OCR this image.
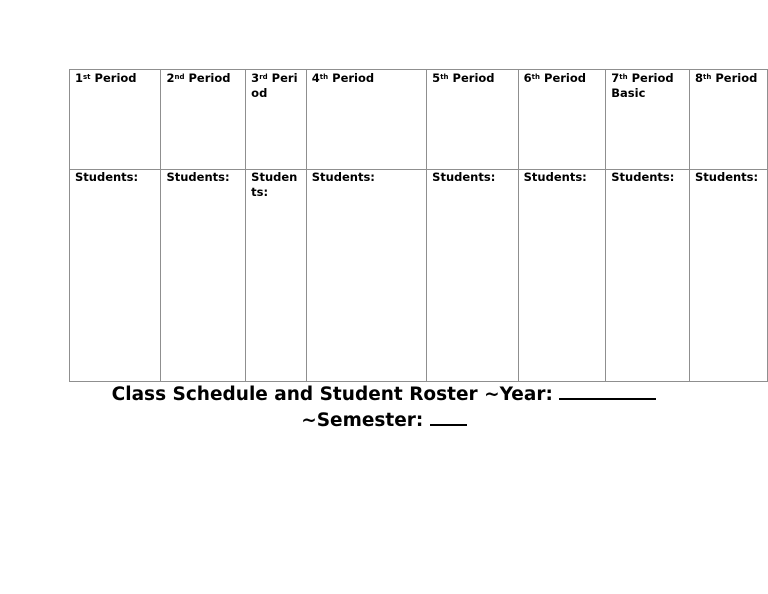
1st Period	2nd Period	3rd Period	4th Period	5th Period	6th Period	7th Period Basic	8th Period
Students:	Students:	Students:	Students:	Students:	Students:	Students:	Students:
Class Schedule and Student Roster ~Year:
~Semester:
